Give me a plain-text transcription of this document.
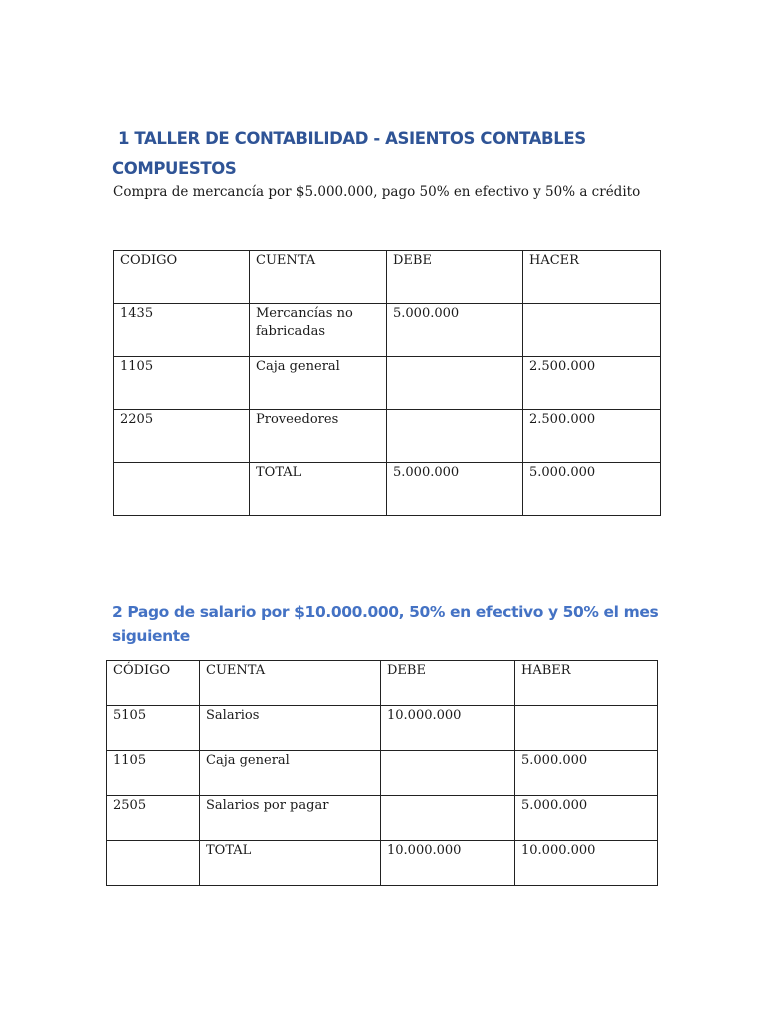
1 TALLER DE CONTABILIDAD - ASIENTOS CONTABLES
COMPUESTOS

Compra de mercancía por $5.000.000, pago 50% en efectivo y 50% a crédito

CODIGO	CUENTA	DEBE	HACER
1435	Mercancías no fabricadas	5.000.000	
1105	Caja general		2.500.000
2205	Proveedores		2.500.000
	TOTAL	5.000.000	5.000.000
2 Pago de salario por $10.000.000, 50% en efectivo y 50% el mes siguiente
CÓDIGO	CUENTA	DEBE	HABER
5105	Salarios	10.000.000	
1105	Caja general		5.000.000
2505	Salarios por pagar		5.000.000
	TOTAL	10.000.000	10.000.000
